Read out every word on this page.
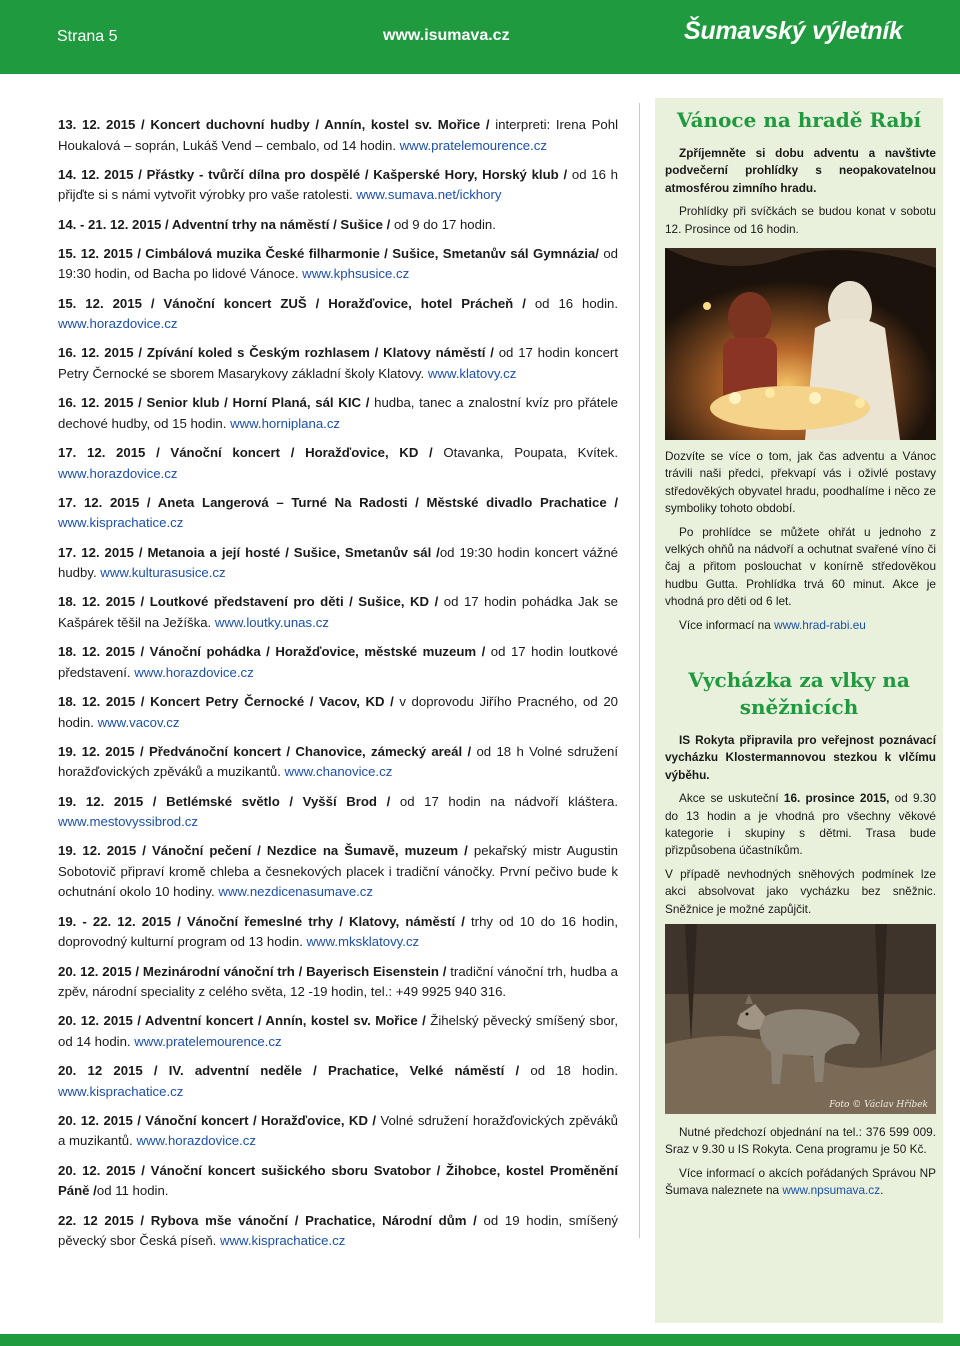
Strana 5	www.isumava.cz	Šumavský výletník

13. 12. 2015 / Koncert duchovní hudby / Annín, kostel sv. Mořice / interpreti: Irena Pohl Houkalová – soprán, Lukáš Vend – cembalo, od 14 hodin. www.pratelemourence.cz

14. 12. 2015 / Přástky - tvůrčí dílna pro dospělé / Kašperské Hory, Horský klub / od 16 h přijďte si s námi vytvořit výrobky pro vaše ratolesti. www.sumava.net/ickhory

14. - 21. 12. 2015 / Adventní trhy na náměstí / Sušice / od 9 do 17 hodin.

15. 12. 2015 / Cimbálová muzika České filharmonie / Sušice, Smetanův sál Gymnázia/ od 19:30 hodin, od Bacha po lidové Vánoce. www.kphsusice.cz

15. 12. 2015 / Vánoční koncert ZUŠ / Horažďovice, hotel Prácheň / od 16 hodin. www.horazdovice.cz

16. 12. 2015 / Zpívání koled s Českým rozhlasem / Klatovy náměstí / od 17 hodin koncert Petry Černocké se sborem Masarykovy základní školy Klatovy. www.klatovy.cz

16. 12. 2015 / Senior klub / Horní Planá, sál KIC / hudba, tanec a znalostní kvíz pro přátele dechové hudby, od 15 hodin. www.horniplana.cz

17. 12. 2015 / Vánoční koncert / Horažďovice, KD / Otavanka, Poupata, Kvítek. www.horazdovice.cz

17. 12. 2015 / Aneta Langerová – Turné Na Radosti / Městské divadlo Prachatice / www.kisprachatice.cz

17. 12. 2015 / Metanoia a její hosté / Sušice, Smetanův sál /od 19:30 hodin koncert vážné hudby. www.kulturasusice.cz

18. 12. 2015 / Loutkové představení pro děti / Sušice, KD / od 17 hodin pohádka Jak se Kašpárek těšil na Ježíška. www.loutky.unas.cz

18. 12. 2015 / Vánoční pohádka / Horažďovice, městské muzeum / od 17 hodin loutkové představení. www.horazdovice.cz

18. 12. 2015 / Koncert Petry Černocké / Vacov, KD / v doprovodu Jiřího Pracného, od 20 hodin. www.vacov.cz

19. 12. 2015 / Předvánoční koncert / Chanovice, zámecký areál / od 18 h Volné sdružení horažďovických zpěváků a muzikantů. www.chanovice.cz

19. 12. 2015 / Betlémské světlo / Vyšší Brod / od 17 hodin na nádvoří kláštera. www.mestovyssibrod.cz

19. 12. 2015 / Vánoční pečení / Nezdice na Šumavě, muzeum / pekařský mistr Augustin Sobotovič připraví kromě chleba a česnekových placek i tradiční vánočky. První pečivo bude k ochutnání okolo 10 hodiny. www.nezdicenasumave.cz

19. - 22. 12. 2015 / Vánoční řemeslné trhy / Klatovy, náměstí / trhy od 10 do 16 hodin, doprovodný kulturní program od 13 hodin. www.mksklatovy.cz

20. 12. 2015 / Mezinárodní vánoční trh / Bayerisch Eisenstein / tradiční vánoční trh, hudba a zpěv, národní speciality z celého světa, 12 -19 hodin, tel.: +49 9925 940 316.

20. 12. 2015 / Adventní koncert / Annín, kostel sv. Mořice / Žihelský pěvecký smíšený sbor, od 14 hodin. www.pratelemourence.cz

20. 12 2015 / IV. adventní neděle / Prachatice, Velké náměstí / od 18 hodin. www.kisprachatice.cz

20. 12. 2015 / Vánoční koncert / Horažďovice, KD / Volné sdružení horažďovických zpěváků a muzikantů. www.horazdovice.cz

20. 12. 2015 / Vánoční koncert sušického sboru Svatobor / Žihobce, kostel Proměnění Páně /od 11 hodin.

22. 12 2015 / Rybova mše vánoční / Prachatice, Národní dům / od 19 hodin, smíšený pěvecký sbor Česká píseň. www.kisprachatice.cz

Vánoce na hradě Rabí

Zpříjemněte si dobu adventu a navštivte podvečerní prohlídky s neopakovatelnou atmosférou zimního hradu.

Prohlídky při svíčkách se budou konat v sobotu 12. Prosince od 16 hodin.

Dozvíte se více o tom, jak čas adventu a Vánoc trávili naši předci, překvapí vás i oživlé postavy středověkých obyvatel hradu, poodhalíme i něco ze symboliky tohoto období.

Po prohlídce se můžete ohřát u jednoho z velkých ohňů na nádvoří a ochutnat svařené víno či čaj a přitom poslouchat v konírně středověkou hudbu Gutta. Prohlídka trvá 60 minut. Akce je vhodná pro děti od 6 let.

Více informací na www.hrad-rabi.eu

Vycházka za vlky na sněžnicích

IS Rokyta připravila pro veřejnost poznávací vycházku Klostermannovou stezkou k vlčímu výběhu.

Akce se uskuteční 16. prosince 2015, od 9.30 do 13 hodin a je vhodná pro všechny věkové kategorie i skupiny s dětmi. Trasa bude přizpůsobena účastníkům.

V případě nevhodných sněhových podmínek lze akci absolvovat jako vycházku bez sněžnic. Sněžnice je možné zapůjčit.

Foto © Václav Hříbek

Nutné předchozí objednání na tel.: 376 599 009. Sraz v 9.30 u IS Rokyta. Cena programu je 50 Kč.

Více informací o akcích pořádaných Správou NP Šumava naleznete na www.npsumava.cz.
